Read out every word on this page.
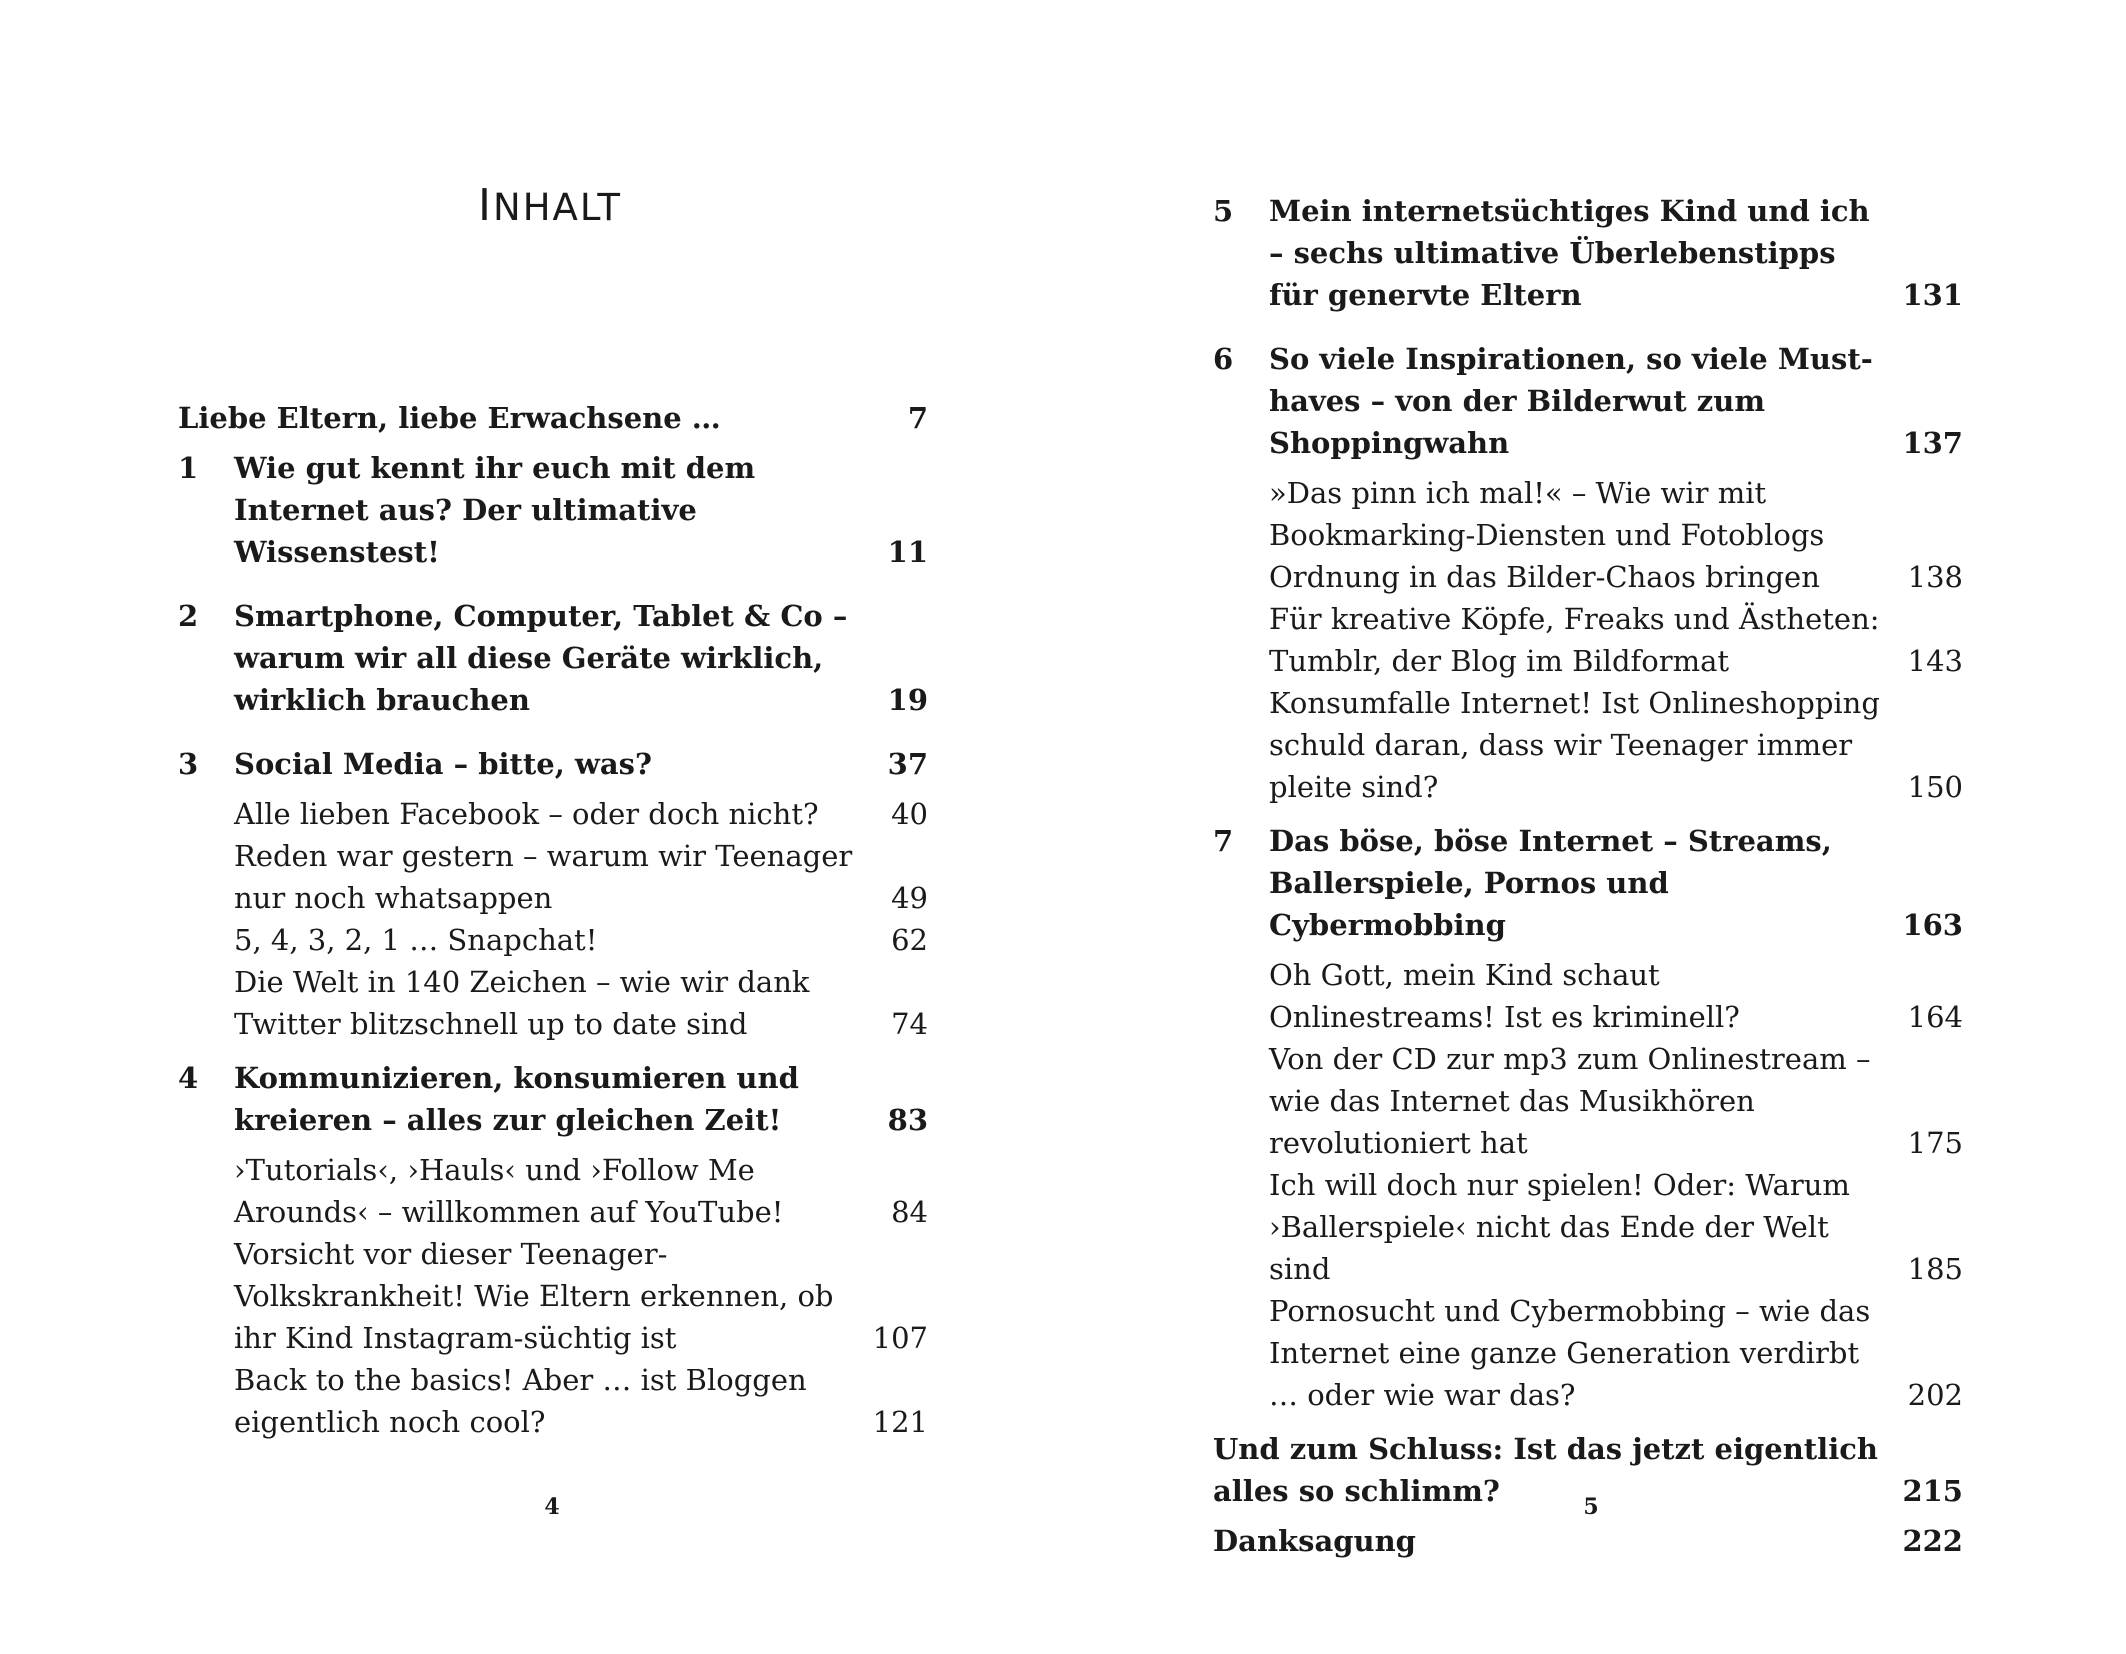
INHALT
Liebe Eltern, liebe Erwachsene …	7
1 Wie gut kennt ihr euch mit dem Internet aus? Der ultimative Wissenstest!	11
2 Smartphone, Computer, Tablet & Co – warum wir all diese Geräte wirklich, wirklich brauchen	19
3 Social Media – bitte, was?	37
Alle lieben Facebook – oder doch nicht?	40
Reden war gestern – warum wir Teenager nur noch whatsappen	49
5, 4, 3, 2, 1 … Snapchat!	62
Die Welt in 140 Zeichen – wie wir dank Twitter blitzschnell up to date sind	74
4 Kommunizieren, konsumieren und kreieren – alles zur gleichen Zeit!	83
›Tutorials‹, ›Hauls‹ und ›Follow Me Arounds‹ – willkommen auf YouTube!	84
Vorsicht vor dieser Teenager-Volkskrankheit! Wie Eltern erkennen, ob ihr Kind Instagram-süchtig ist	107
Back to the basics! Aber … ist Bloggen eigentlich noch cool?	121
4
5 Mein internetsüchtiges Kind und ich – sechs ultimative Überlebenstipps für genervte Eltern	131
6 So viele Inspirationen, so viele Must-haves – von der Bilderwut zum Shoppingwahn	137
»Das pinn ich mal!« – Wie wir mit Bookmarking-Diensten und Fotoblogs Ordnung in das Bilder-Chaos bringen	138
Für kreative Köpfe, Freaks und Ästheten: Tumblr, der Blog im Bildformat	143
Konsumfalle Internet! Ist Onlineshopping schuld daran, dass wir Teenager immer pleite sind?	150
7 Das böse, böse Internet – Streams, Ballerspiele, Pornos und Cybermobbing	163
Oh Gott, mein Kind schaut Onlinestreams! Ist es kriminell?	164
Von der CD zur mp3 zum Onlinestream – wie das Internet das Musikhören revolutioniert hat	175
Ich will doch nur spielen! Oder: Warum ›Ballerspiele‹ nicht das Ende der Welt sind	185
Pornosucht und Cybermobbing – wie das Internet eine ganze Generation verdirbt … oder wie war das?	202
Und zum Schluss: Ist das jetzt eigentlich alles so schlimm?	215
Danksagung	222
5
